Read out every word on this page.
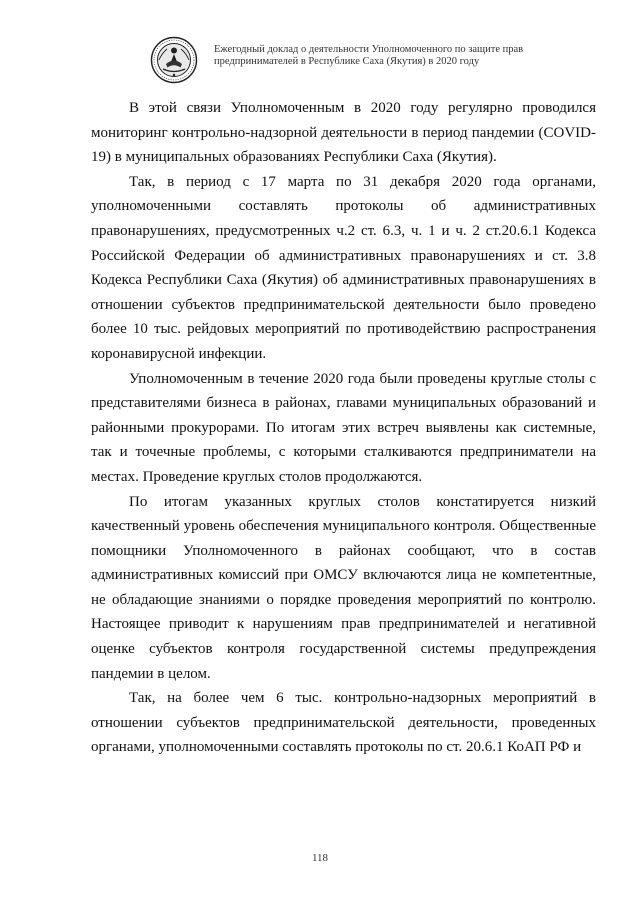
Ежегодный доклад о деятельности Уполномоченного по защите прав
предпринимателей в Республике Саха (Якутия) в 2020 году

В этой связи Уполномоченным в 2020 году регулярно проводился мониторинг контрольно-надзорной деятельности в период пандемии (COVID-19) в муниципальных образованиях Республики Саха (Якутия).

Так, в период с 17 марта по 31 декабря 2020 года органами, уполномоченными составлять протоколы об административных правонарушениях, предусмотренных ч.2 ст. 6.3, ч. 1 и ч. 2 ст.20.6.1 Кодекса Российской Федерации об административных правонарушениях и ст. 3.8 Кодекса Республики Саха (Якутия) об административных правонарушениях в отношении субъектов предпринимательской деятельности было проведено более 10 тыс. рейдовых мероприятий по противодействию распространения коронавирусной инфекции.

Уполномоченным в течение 2020 года были проведены круглые столы с представителями бизнеса в районах, главами муниципальных образований и районными прокурорами. По итогам этих встреч выявлены как системные, так и точечные проблемы, с которыми сталкиваются предприниматели на местах. Проведение круглых столов продолжаются.

По итогам указанных круглых столов констатируется низкий качественный уровень обеспечения муниципального контроля. Общественные помощники Уполномоченного в районах сообщают, что в состав административных комиссий при ОМСУ включаются лица не компетентные, не обладающие знаниями о порядке проведения мероприятий по контролю. Настоящее приводит к нарушениям прав предпринимателей и негативной оценке субъектов контроля государственной системы предупреждения пандемии в целом.

Так, на более чем 6 тыс. контрольно-надзорных мероприятий в отношении субъектов предпринимательской деятельности, проведенных органами, уполномоченными составлять протоколы по ст. 20.6.1 КоАП РФ и

118
